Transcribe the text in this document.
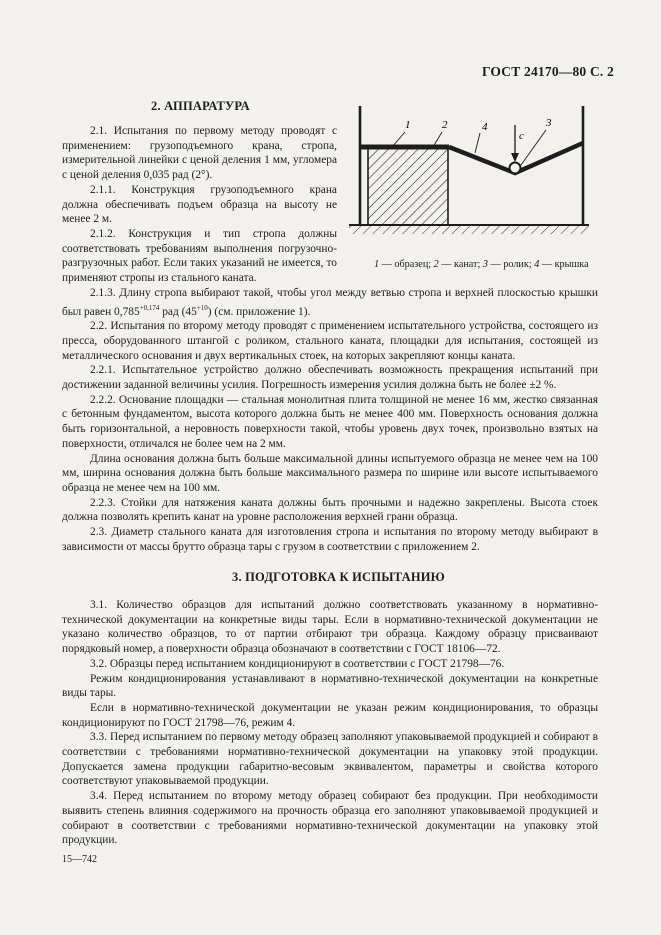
ГОСТ 24170—80 С. 2
2. АППАРАТУРА

2.1. Испытания по первому методу проводят с применением: грузоподъемного крана, стропа, измерительной линейки с ценой деления 1 мм, угломера с ценой деления 0,035 рад (2°).

2.1.1. Конструкция грузоподъемного крана должна обеспечивать подъем образца на высоту не менее 2 м.

2.1.2. Конструкция и тип стропа должны соответствовать требованиям выполнения погрузочно-разгрузочных работ. Если таких указаний не имеется, то применяют стропы из стального каната.

c
1	2	4	3
1 — образец; 2 — канат; 3 — ролик; 4 — крышка

2.1.3. Длину стропа выбирают такой, чтобы угол между ветвью стропа и верхней плоскостью крышки был равен $0,785^{+0,174}$ рад $(45^{+10})$ (см. приложение 1).

2.2. Испытания по второму методу проводят с применением испытательного устройства, состоящего из пресса, оборудованного штангой с роликом, стального каната, площадки для испытания, состоящей из металлического основания и двух вертикальных стоек, на которых закрепляют концы каната.

2.2.1. Испытательное устройство должно обеспечивать возможность прекращения испытаний при достижении заданной величины усилия. Погрешность измерения усилия должна быть не более ±2 %.

2.2.2. Основание площадки — стальная монолитная плита толщиной не менее 16 мм, жестко связанная с бетонным фундаментом, высота которого должна быть не менее 400 мм. Поверхность основания должна быть горизонтальной, а неровность поверхности такой, чтобы уровень двух точек, произвольно взятых на поверхности, отличался не более чем на 2 мм.

Длина основания должна быть больше максимальной длины испытуемого образца не менее чем на 100 мм, ширина основания должна быть больше максимального размера по ширине или высоте испытываемого образца не менее чем на 100 мм.

2.2.3. Стойки для натяжения каната должны быть прочными и надежно закреплены. Высота стоек должна позволять крепить канат на уровне расположения верхней грани образца.

2.3. Диаметр стального каната для изготовления стропа и испытания по второму методу выбирают в зависимости от массы брутто образца тары с грузом в соответствии с приложением 2.

3. ПОДГОТОВКА К ИСПЫТАНИЮ

3.1. Количество образцов для испытаний должно соответствовать указанному в нормативно-технической документации на конкретные виды тары. Если в нормативно-технической документации не указано количество образцов, то от партии отбирают три образца. Каждому образцу присваивают порядковый номер, а поверхности образца обозначают в соответствии с ГОСТ 18106—72.

3.2. Образцы перед испытанием кондиционируют в соответствии с ГОСТ 21798—76.

Режим кондиционирования устанавливают в нормативно-технической документации на конкретные виды тары.

Если в нормативно-технической документации не указан режим кондиционирования, то образцы кондиционируют по ГОСТ 21798—76, режим 4.

3.3. Перед испытанием по первому методу образец заполняют упаковываемой продукцией и собирают в соответствии с требованиями нормативно-технической документации на упаковку этой продукции. Допускается замена продукции габаритно-весовым эквивалентом, параметры и свойства которого соответствуют упаковываемой продукции.

3.4. Перед испытанием по второму методу образец собирают без продукции. При необходимости выявить степень влияния содержимого на прочность образца его заполняют упаковываемой продукцией и собирают в соответствии с требованиями нормативно-технической документации на упаковку этой продукции.

15—742
